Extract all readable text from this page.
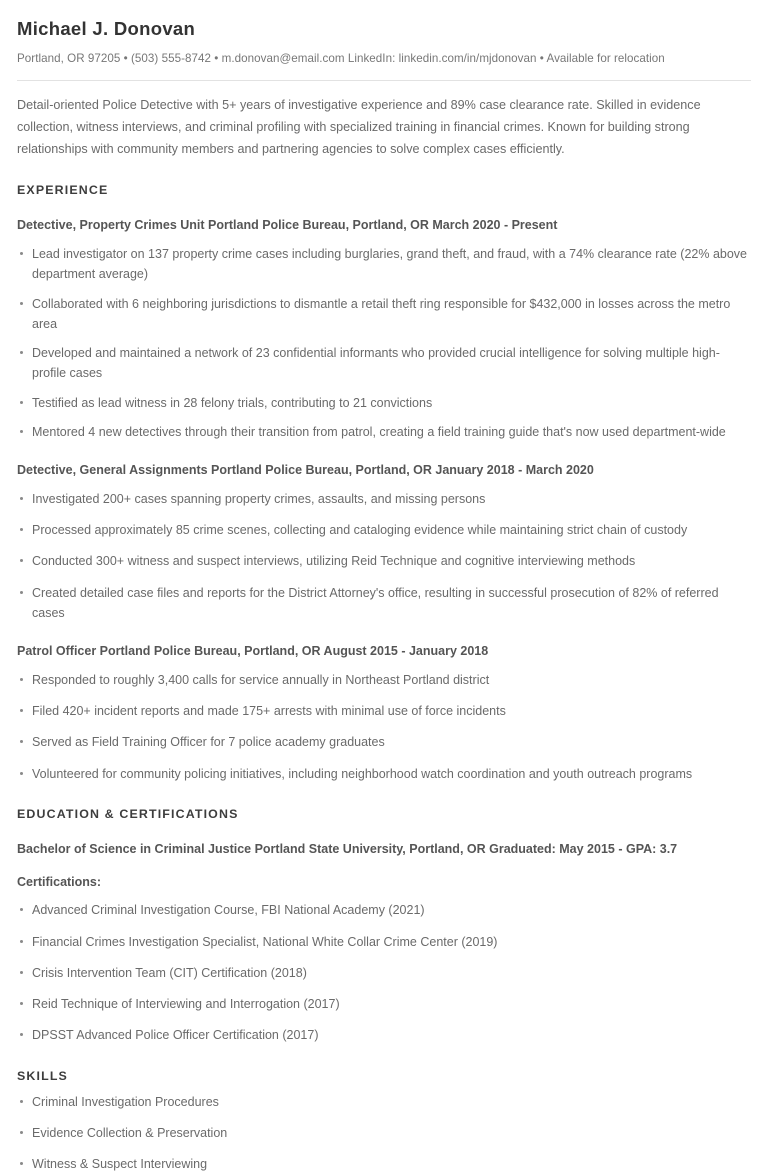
Michael J. Donovan
Portland, OR 97205 • (503) 555-8742 • m.donovan@email.com LinkedIn: linkedin.com/in/mjdonovan • Available for relocation

Detail-oriented Police Detective with 5+ years of investigative experience and 89% case clearance rate. Skilled in evidence collection, witness interviews, and criminal profiling with specialized training in financial crimes. Known for building strong relationships with community members and partnering agencies to solve complex cases efficiently.

EXPERIENCE
Detective, Property Crimes Unit Portland Police Bureau, Portland, OR March 2020 - Present
Lead investigator on 137 property crime cases including burglaries, grand theft, and fraud, with a 74% clearance rate (22% above department average)
Collaborated with 6 neighboring jurisdictions to dismantle a retail theft ring responsible for $432,000 in losses across the metro area
Developed and maintained a network of 23 confidential informants who provided crucial intelligence for solving multiple high-profile cases
Testified as lead witness in 28 felony trials, contributing to 21 convictions
Mentored 4 new detectives through their transition from patrol, creating a field training guide that's now used department-wide
Detective, General Assignments Portland Police Bureau, Portland, OR January 2018 - March 2020
Investigated 200+ cases spanning property crimes, assaults, and missing persons
Processed approximately 85 crime scenes, collecting and cataloging evidence while maintaining strict chain of custody
Conducted 300+ witness and suspect interviews, utilizing Reid Technique and cognitive interviewing methods
Created detailed case files and reports for the District Attorney's office, resulting in successful prosecution of 82% of referred cases
Patrol Officer Portland Police Bureau, Portland, OR August 2015 - January 2018
Responded to roughly 3,400 calls for service annually in Northeast Portland district
Filed 420+ incident reports and made 175+ arrests with minimal use of force incidents
Served as Field Training Officer for 7 police academy graduates
Volunteered for community policing initiatives, including neighborhood watch coordination and youth outreach programs
EDUCATION & CERTIFICATIONS
Bachelor of Science in Criminal Justice Portland State University, Portland, OR Graduated: May 2015 - GPA: 3.7
Certifications:
Advanced Criminal Investigation Course, FBI National Academy (2021)
Financial Crimes Investigation Specialist, National White Collar Crime Center (2019)
Crisis Intervention Team (CIT) Certification (2018)
Reid Technique of Interviewing and Interrogation (2017)
DPSST Advanced Police Officer Certification (2017)
SKILLS
Criminal Investigation Procedures
Evidence Collection & Preservation
Witness & Suspect Interviewing
